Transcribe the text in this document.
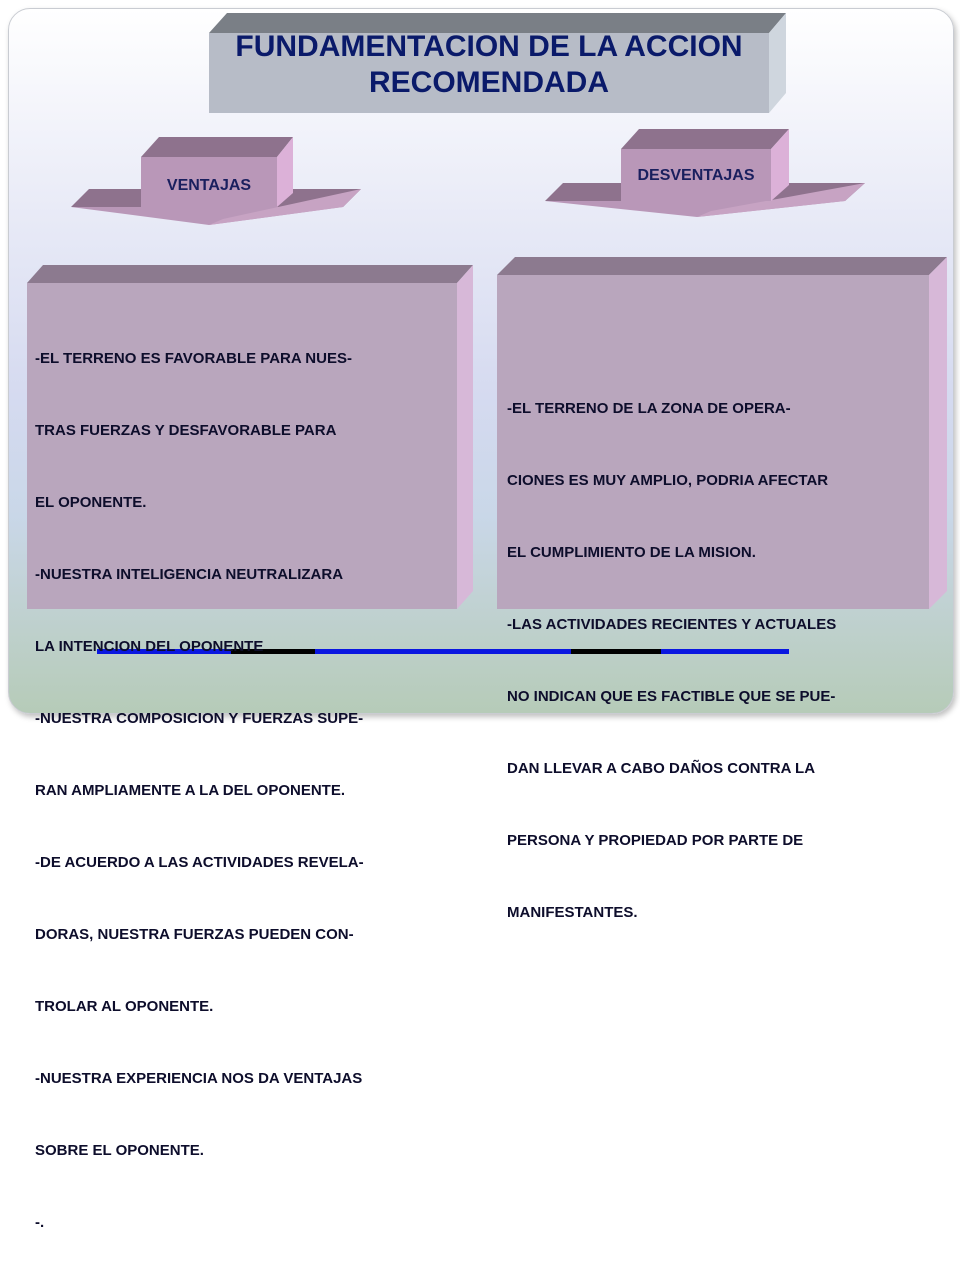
FUNDAMENTACION DE LA ACCION
RECOMENDADA
VENTAJAS
DESVENTAJAS

-EL TERRENO ES FAVORABLE PARA NUES-

TRAS FUERZAS Y DESFAVORABLE PARA

EL OPONENTE.

-NUESTRA INTELIGENCIA NEUTRALIZARA

LA INTENCION DEL OPONENTE

-NUESTRA COMPOSICION Y FUERZAS SUPE-

RAN AMPLIAMENTE A LA DEL OPONENTE.

-DE ACUERDO A LAS ACTIVIDADES REVELA-

DORAS, NUESTRA FUERZAS PUEDEN CON-

TROLAR AL OPONENTE.

-NUESTRA EXPERIENCIA NOS DA VENTAJAS

SOBRE EL OPONENTE.

-.

-EL TERRENO DE LA ZONA DE OPERA-

CIONES ES MUY AMPLIO, PODRIA AFECTAR

EL CUMPLIMIENTO DE LA MISION.

-LAS ACTIVIDADES RECIENTES Y ACTUALES

NO INDICAN QUE ES FACTIBLE QUE SE PUE-

DAN LLEVAR A CABO DAÑOS CONTRA LA

PERSONA Y PROPIEDAD POR PARTE DE

MANIFESTANTES.
